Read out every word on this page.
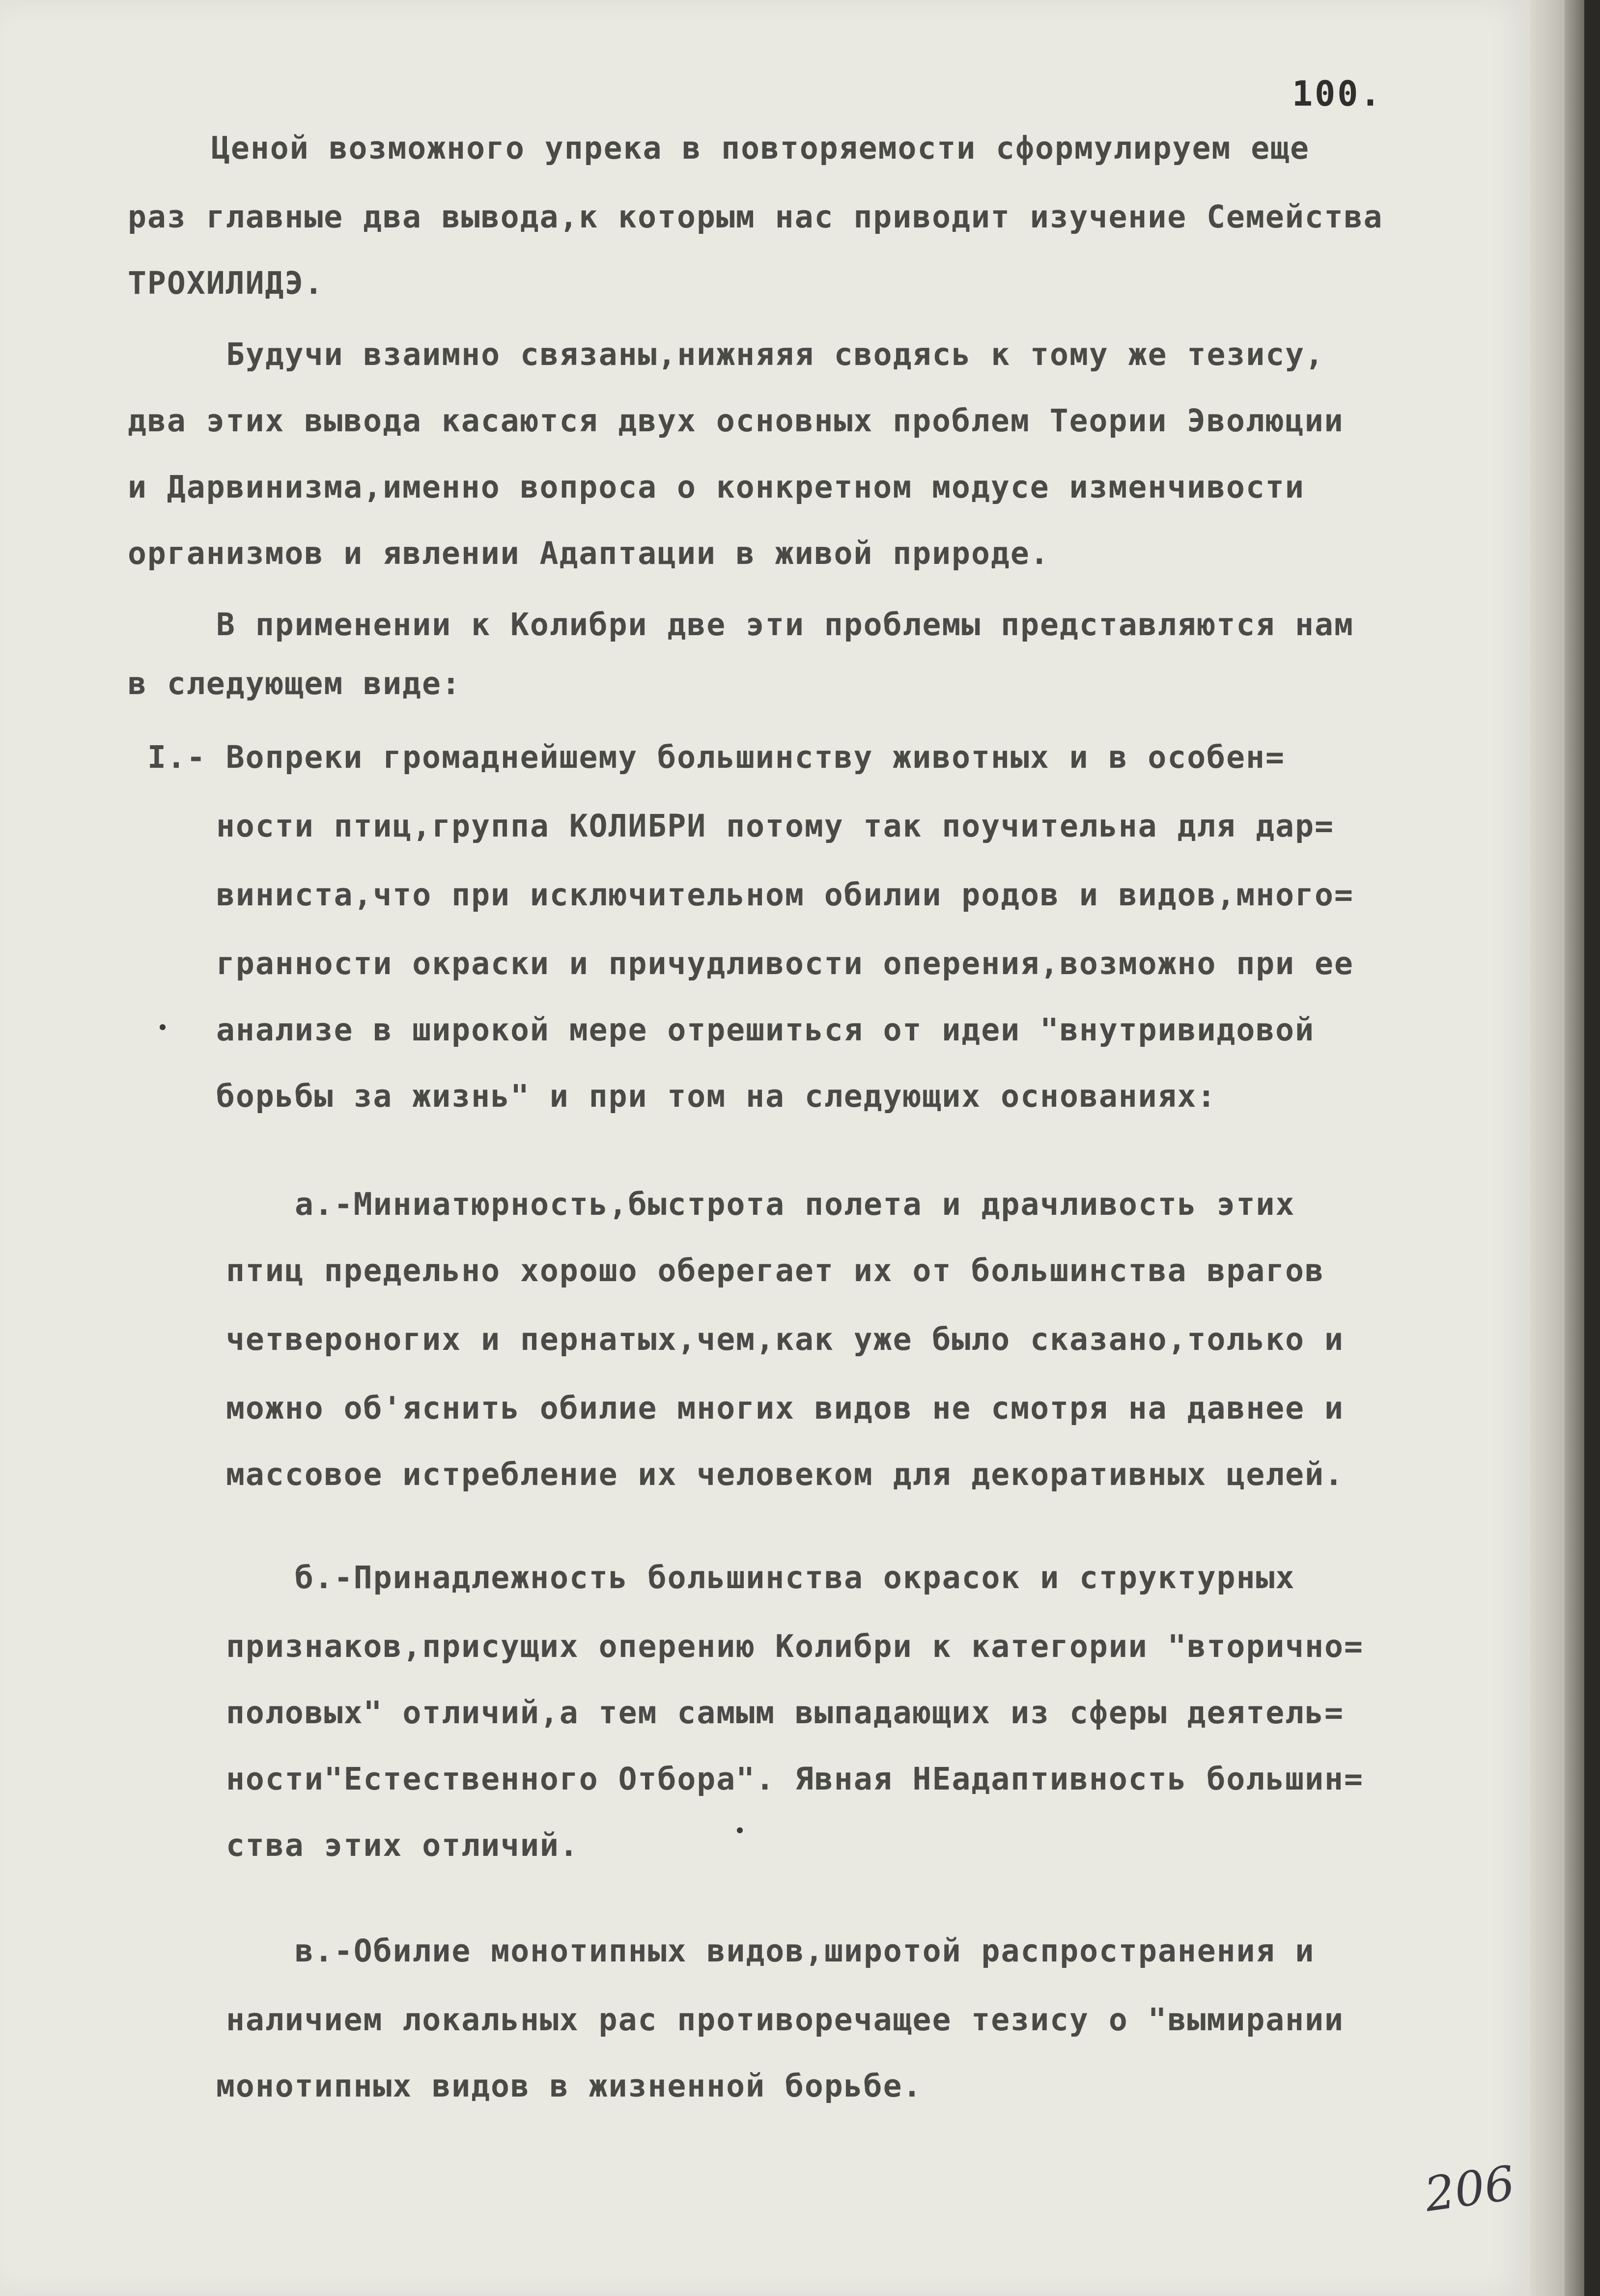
100.
Ценой возможного упрека в повторяемости сформулируем еще
раз главные два вывода,к которым нас приводит изучение Семейства
ТРОХИЛИДЭ.
Будучи взаимно связаны,нижняяя сводясь к тому же тезису,
два этих вывода касаются двух основных проблем Теории Эволюции
и Дарвинизма,именно вопроса о конкретном модусе изменчивости
организмов и явлении Адаптации в живой природе.
В применении к Колибри две эти проблемы представляются нам
в следующем виде:
I.- Вопреки громаднейшему большинству животных и в особен=
ности птиц,группа КОЛИБРИ потому так поучительна для дар=
виниста,что при исключительном обилии родов и видов,много=
гранности окраски и причудливости оперения,возможно при ее
анализе в широкой мере отрешиться от идеи "внутривидовой
борьбы за жизнь" и при том на следующих основаниях:
а.-Миниатюрность,быстрота полета и драчливость этих
птиц предельно хорошо оберегает их от большинства врагов
четвероногих и пернатых,чем,как уже было сказано,только и
можно об'яснить обилие многих видов не смотря на давнее и
массовое истребление их человеком для декоративных целей.
б.-Принадлежность большинства окрасок и структурных
признаков,присущих оперению Колибри к категории "вторично=
половых" отличий,а тем самым выпадающих из сферы деятель=
ности"Естественного Отбора". Явная НЕадаптивность большин=
ства этих отличий.
в.-Обилие монотипных видов,широтой распространения и
наличием локальных рас противоречащее тезису о "вымирании
монотипных видов в жизненной борьбе.
206
